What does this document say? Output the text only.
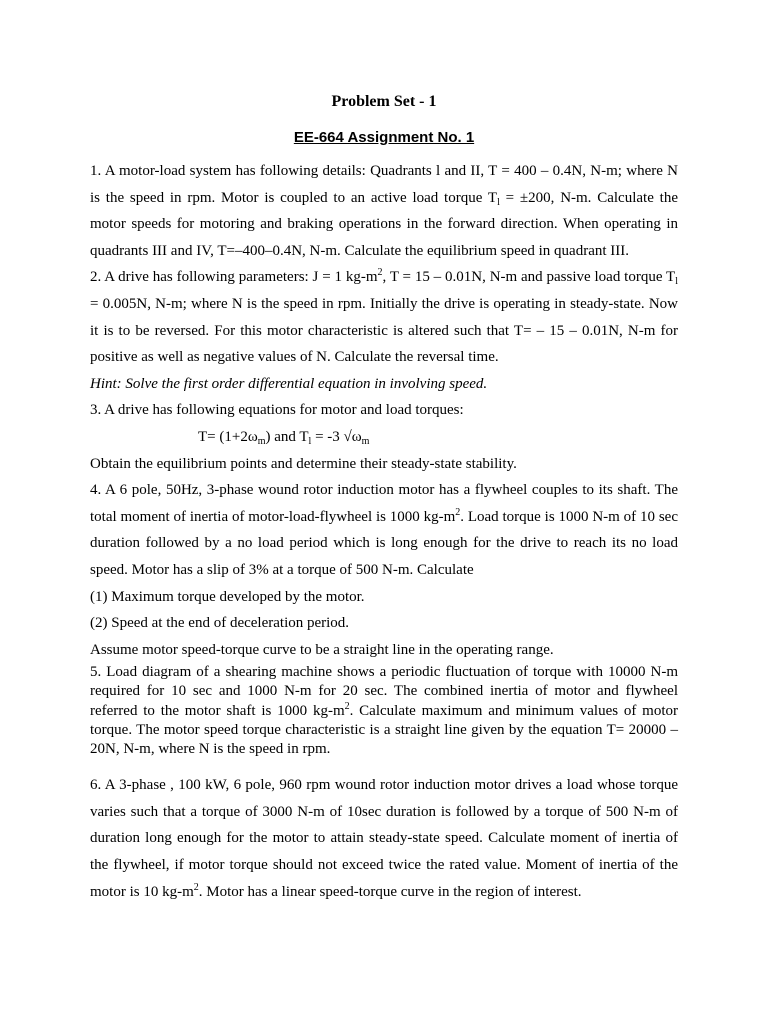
Problem Set - 1
EE-664 Assignment No. 1

1. A motor-load system has following details: Quadrants l and II, T = 400 – 0.4N, N-m; where N is the speed in rpm. Motor is coupled to an active load torque $T_l = \pm 200$, N-m. Calculate the motor speeds for motoring and braking operations in the forward direction. When operating in quadrants III and IV, T=–400–0.4N, N-m. Calculate the equilibrium speed in quadrant III.

2. A drive has following parameters: J = 1 $kg-m^2$, T = 15 – 0.01N, N-m and passive load torque $T_l = 0.005N$, N-m; where N is the speed in rpm. Initially the drive is operating in steady-state. Now it is to be reversed. For this motor characteristic is altered such that T= – 15 – 0.01N, N-m for positive as well as negative values of N. Calculate the reversal time.

Hint: Solve the first order differential equation in involving speed.

3. A drive has following equations for motor and load torques:

$T= (1+2\omega_m)$ and $T_l = -3$ $√\omega_m$

Obtain the equilibrium points and determine their steady-state stability.

4. A 6 pole, 50Hz, 3-phase wound rotor induction motor has a flywheel couples to its shaft. The total moment of inertia of motor-load-flywheel is 1000 $kg-m^2$. Load torque is 1000 N-m of 10 sec duration followed by a no load period which is long enough for the drive to reach its no load speed. Motor has a slip of 3% at a torque of 500 N-m. Calculate

(1) Maximum torque developed by the motor.

(2) Speed at the end of deceleration period.

Assume motor speed-torque curve to be a straight line in the operating range.

5. Load diagram of a shearing machine shows a periodic fluctuation of torque with 10000 N-m required for 10 sec and 1000 N-m for 20 sec. The combined inertia of motor and flywheel referred to the motor shaft is 1000 $kg-m^2$. Calculate maximum and minimum values of motor torque. The motor speed torque characteristic is a straight line given by the equation T= 20000 – 20N, N-m, where N is the speed in rpm.

6. A 3-phase , 100 kW, 6 pole, 960 rpm wound rotor induction motor drives a load whose torque varies such that a torque of 3000 N-m of 10sec duration is followed by a torque of 500 N-m of duration long enough for the motor to attain steady-state speed. Calculate moment of inertia of the flywheel, if motor torque should not exceed twice the rated value. Moment of inertia of the motor is 10 $kg-m^2$. Motor has a linear speed-torque curve in the region of interest.
